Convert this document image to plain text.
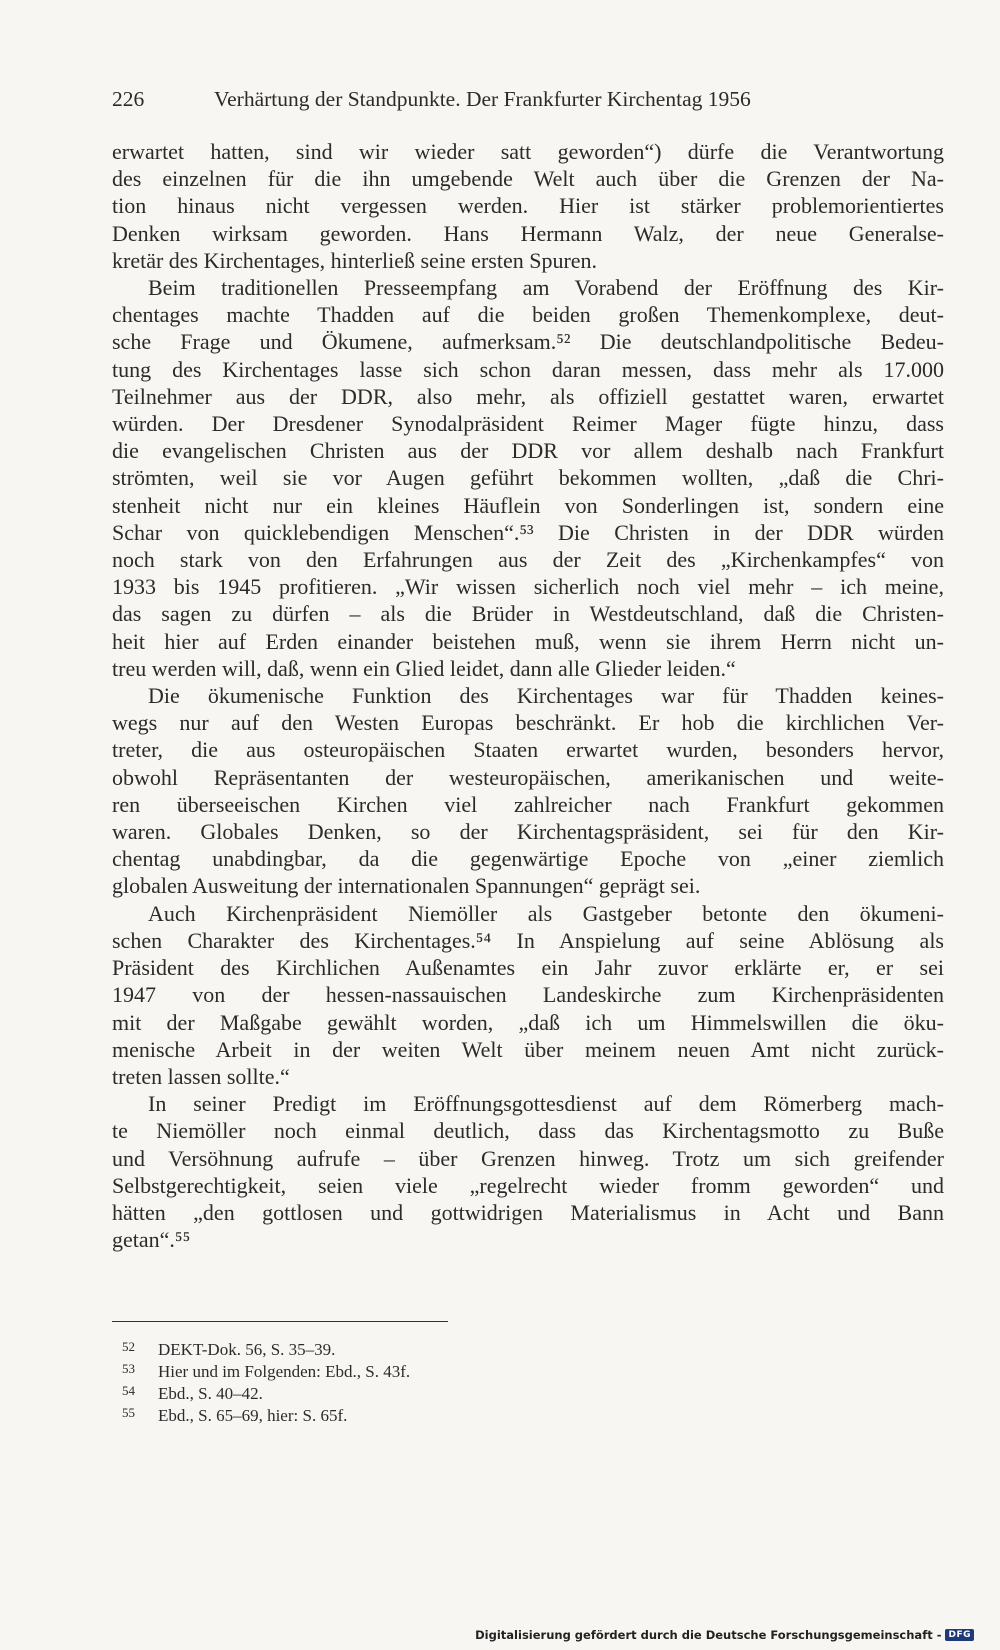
226	Verhärtung der Standpunkte. Der Frankfurter Kirchentag 1956

erwartet hatten, sind wir wieder satt geworden“) dürfe die Verantwortung
des einzelnen für die ihn umgebende Welt auch über die Grenzen der Na-
tion hinaus nicht vergessen werden. Hier ist stärker problemorientiertes
Denken wirksam geworden. Hans Hermann Walz, der neue Generalse-
kretär des Kirchentages, hinterließ seine ersten Spuren.

Beim traditionellen Presseempfang am Vorabend der Eröffnung des Kir-
chentages machte Thadden auf die beiden großen Themenkomplexe, deut-
sche Frage und Ökumene, aufmerksam.⁵² Die deutschlandpolitische Bedeu-
tung des Kirchentages lasse sich schon daran messen, dass mehr als 17.000
Teilnehmer aus der DDR, also mehr, als offiziell gestattet waren, erwartet
würden. Der Dresdener Synodalpräsident Reimer Mager fügte hinzu, dass
die evangelischen Christen aus der DDR vor allem deshalb nach Frankfurt
strömten, weil sie vor Augen geführt bekommen wollten, „daß die Chri-
stenheit nicht nur ein kleines Häuflein von Sonderlingen ist, sondern eine
Schar von quicklebendigen Menschen“.⁵³ Die Christen in der DDR würden
noch stark von den Erfahrungen aus der Zeit des „Kirchenkampfes“ von
1933 bis 1945 profitieren. „Wir wissen sicherlich noch viel mehr – ich meine,
das sagen zu dürfen – als die Brüder in Westdeutschland, daß die Christen-
heit hier auf Erden einander beistehen muß, wenn sie ihrem Herrn nicht un-
treu werden will, daß, wenn ein Glied leidet, dann alle Glieder leiden.“

Die ökumenische Funktion des Kirchentages war für Thadden keines-
wegs nur auf den Westen Europas beschränkt. Er hob die kirchlichen Ver-
treter, die aus osteuropäischen Staaten erwartet wurden, besonders hervor,
obwohl Repräsentanten der westeuropäischen, amerikanischen und weite-
ren überseeischen Kirchen viel zahlreicher nach Frankfurt gekommen
waren. Globales Denken, so der Kirchentagspräsident, sei für den Kir-
chentag unabdingbar, da die gegenwärtige Epoche von „einer ziemlich
globalen Ausweitung der internationalen Spannungen“ geprägt sei.

Auch Kirchenpräsident Niemöller als Gastgeber betonte den ökumeni-
schen Charakter des Kirchentages.⁵⁴ In Anspielung auf seine Ablösung als
Präsident des Kirchlichen Außenamtes ein Jahr zuvor erklärte er, er sei
1947 von der hessen-nassauischen Landeskirche zum Kirchenpräsidenten
mit der Maßgabe gewählt worden, „daß ich um Himmelswillen die öku-
menische Arbeit in der weiten Welt über meinem neuen Amt nicht zurück-
treten lassen sollte.“

In seiner Predigt im Eröffnungsgottesdienst auf dem Römerberg mach-
te Niemöller noch einmal deutlich, dass das Kirchentagsmotto zu Buße
und Versöhnung aufrufe – über Grenzen hinweg. Trotz um sich greifender
Selbstgerechtigkeit, seien viele „regelrecht wieder fromm geworden“ und
hätten „den gottlosen und gottwidrigen Materialismus in Acht und Bann
getan“.⁵⁵

52 DEKT-Dok. 56, S. 35–39.
53 Hier und im Folgenden: Ebd., S. 43f.
54 Ebd., S. 40–42.
55 Ebd., S. 65–69, hier: S. 65f.
Digitalisierung gefördert durch die Deutsche Forschungsgemeinschaft - DFG
